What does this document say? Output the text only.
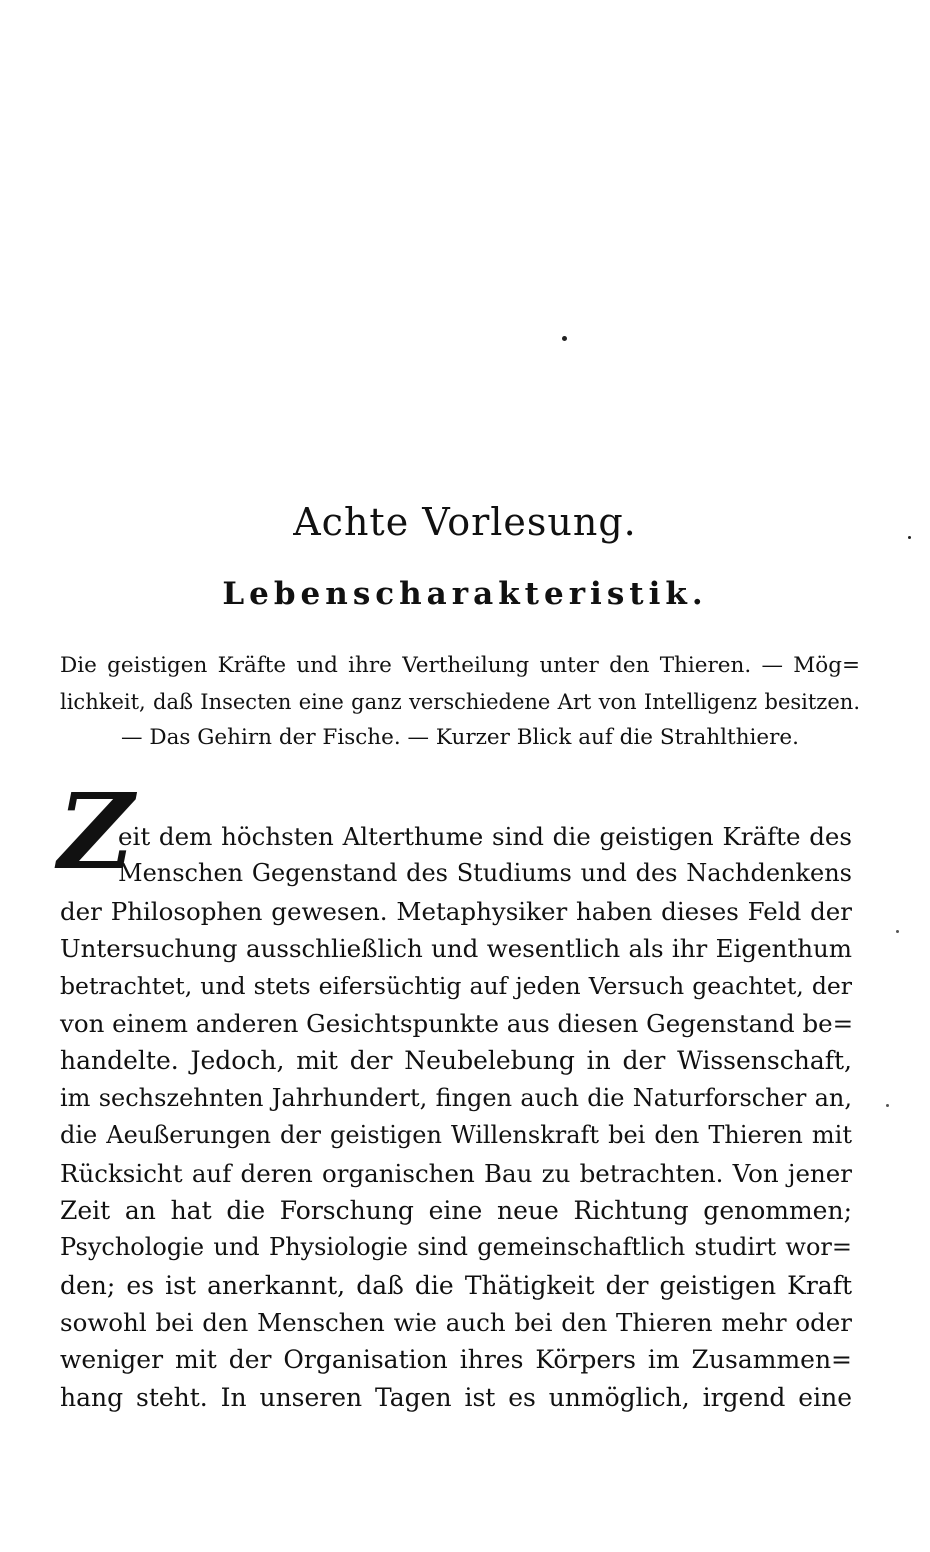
Achte Vorlesung.
Lebenscharakteristik.
Die geistigen Kräfte und ihre Vertheilung unter den Thieren. — Mög=
lichkeit, daß Insecten eine ganz verschiedene Art von Intelligenz besitzen.
— Das Gehirn der Fische. — Kurzer Blick auf die Strahlthiere.
Z
eit dem höchsten Alterthume sind die geistigen Kräfte des
Menschen Gegenstand des Studiums und des Nachdenkens
der Philosophen gewesen. Metaphysiker haben dieses Feld der
Untersuchung ausschließlich und wesentlich als ihr Eigenthum
betrachtet, und stets eifersüchtig auf jeden Versuch geachtet, der
von einem anderen Gesichtspunkte aus diesen Gegenstand be=
handelte. Jedoch, mit der Neubelebung in der Wissenschaft,
im sechszehnten Jahrhundert, fingen auch die Naturforscher an,
die Aeußerungen der geistigen Willenskraft bei den Thieren mit
Rücksicht auf deren organischen Bau zu betrachten. Von jener
Zeit an hat die Forschung eine neue Richtung genommen;
Psychologie und Physiologie sind gemeinschaftlich studirt wor=
den; es ist anerkannt, daß die Thätigkeit der geistigen Kraft
sowohl bei den Menschen wie auch bei den Thieren mehr oder
weniger mit der Organisation ihres Körpers im Zusammen=
hang steht. In unseren Tagen ist es unmöglich, irgend eine
